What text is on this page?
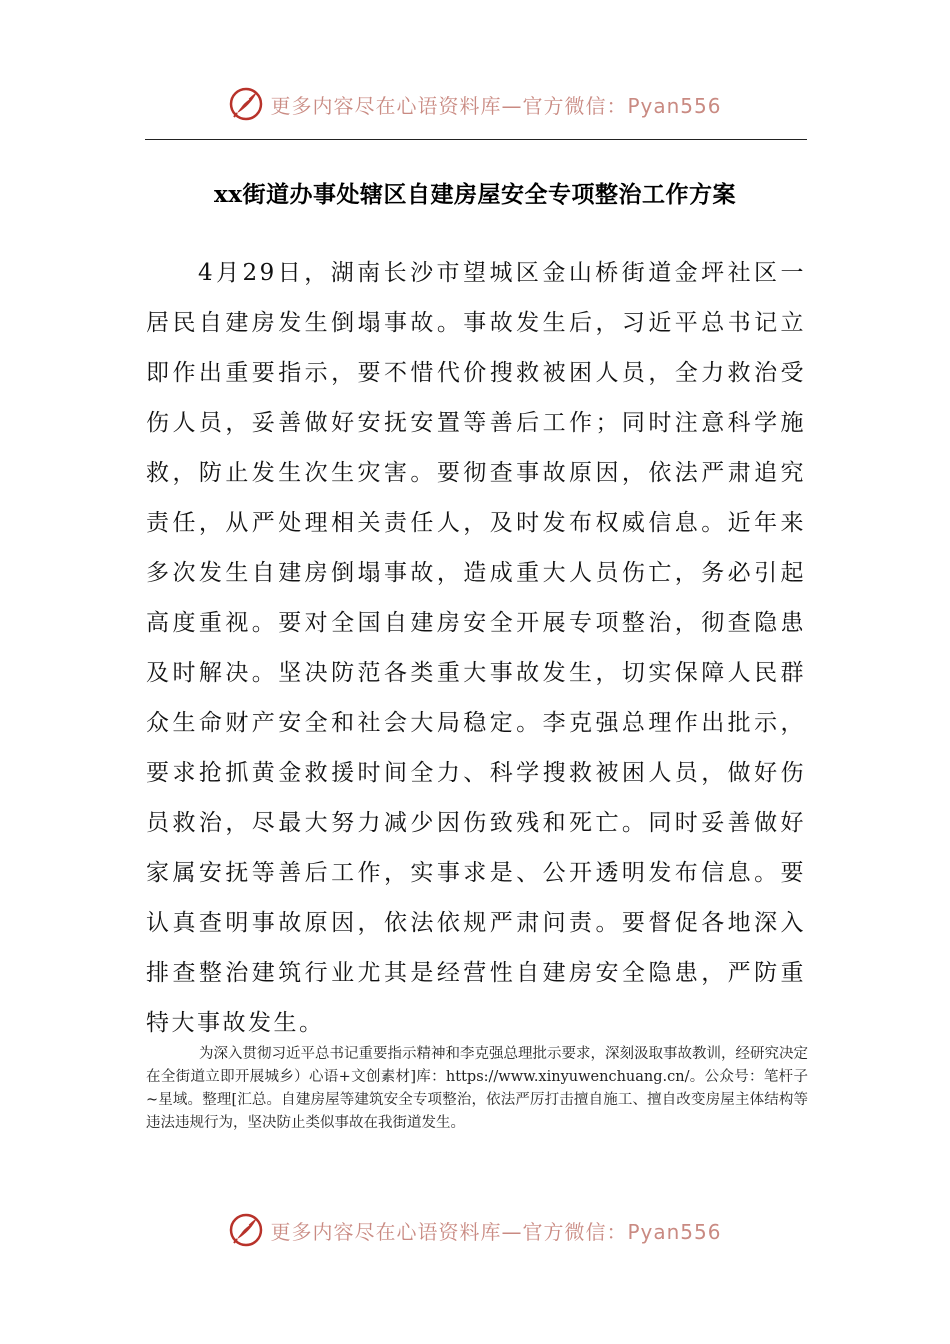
更多内容尽在心语资料库—官方微信：Pyan556
xx街道办事处辖区自建房屋安全专项整治工作方案

4月29日，湖南长沙市望城区金山桥街道金坪社区一居民自建房发生倒塌事故。事故发生后，习近平总书记立即作出重要指示，要不惜代价搜救被困人员，全力救治受伤人员，妥善做好安抚安置等善后工作；同时注意科学施救，防止发生次生灾害。要彻查事故原因，依法严肃追究责任，从严处理相关责任人，及时发布权威信息。近年来多次发生自建房倒塌事故，造成重大人员伤亡，务必引起高度重视。要对全国自建房安全开展专项整治，彻查隐患及时解决。坚决防范各类重大事故发生，切实保障人民群众生命财产安全和社会大局稳定。李克强总理作出批示，要求抢抓黄金救援时间全力、科学搜救被困人员，做好伤员救治，尽最大努力减少因伤致残和死亡。同时妥善做好家属安抚等善后工作，实事求是、公开透明发布信息。要认真查明事故原因，依法依规严肃问责。要督促各地深入排查整治建筑行业尤其是经营性自建房安全隐患，严防重特大事故发生。

为深入贯彻习近平总书记重要指示精神和李克强总理批示要求，深刻汲取事故教训，经研究决定在全街道立即开展城乡）心语+文创素材]库：https://www.xinyuwenchuang.cn/。公众号：笔杆子~星域。整理[汇总。自建房屋等建筑安全专项整治，依法严厉打击擅自施工、擅自改变房屋主体结构等违法违规行为，坚决防止类似事故在我街道发生。

更多内容尽在心语资料库—官方微信：Pyan556
